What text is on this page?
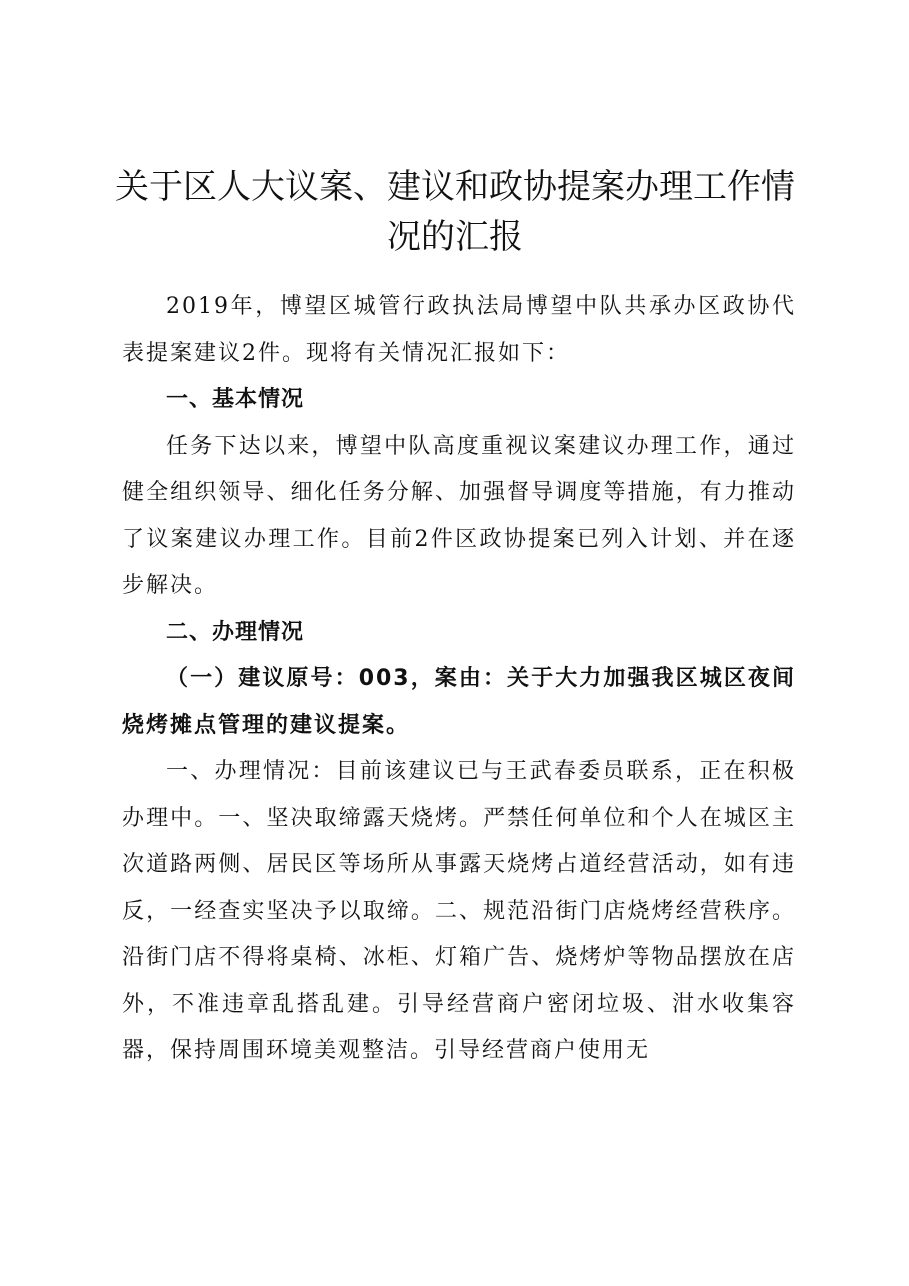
关于区人大议案、建议和政协提案办理工作情
况的汇报

2019年，博望区城管行政执法局博望中队共承办区政协代表提案建议2件。现将有关情况汇报如下：

一、基本情况

任务下达以来，博望中队高度重视议案建议办理工作，通过健全组织领导、细化任务分解、加强督导调度等措施，有力推动了议案建议办理工作。目前2件区政协提案已列入计划、并在逐步解决。

二、办理情况

（一）建议原号：003，案由：关于大力加强我区城区夜间烧烤摊点管理的建议提案。

一、办理情况：目前该建议已与王武春委员联系，正在积极办理中。一、坚决取缔露天烧烤。严禁任何单位和个人在城区主次道路两侧、居民区等场所从事露天烧烤占道经营活动，如有违反，一经查实坚决予以取缔。二、规范沿街门店烧烤经营秩序。沿街门店不得将桌椅、冰柜、灯箱广告、烧烤炉等物品摆放在店外，不准违章乱搭乱建。引导经营商户密闭垃圾、泔水收集容器，保持周围环境美观整洁。引导经营商户使用无
